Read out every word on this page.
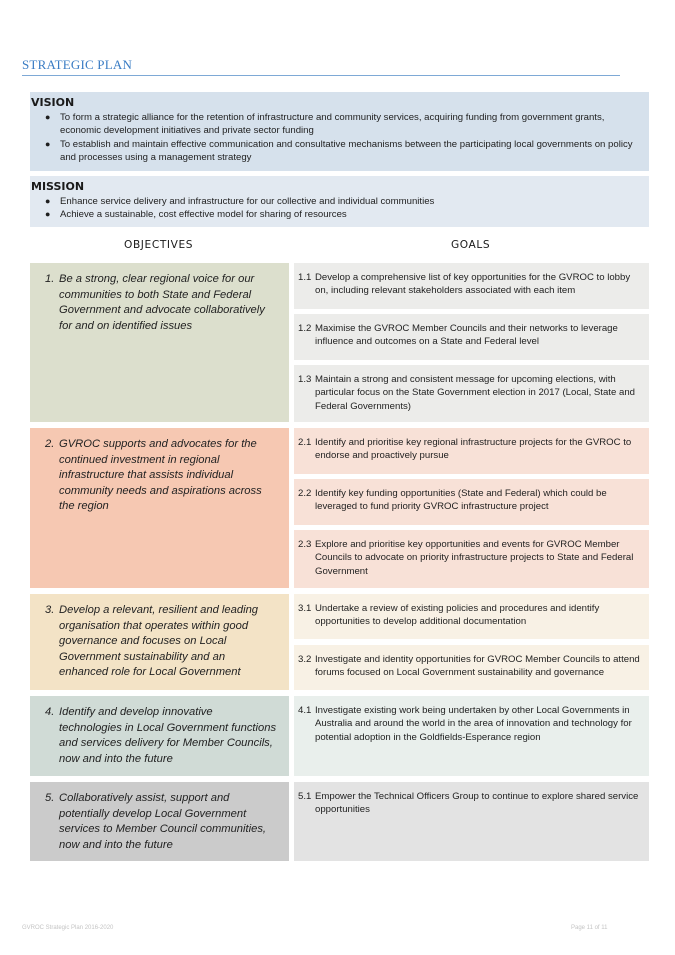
STRATEGIC PLAN
VISION
● To form a strategic alliance for the retention of infrastructure and community services, acquiring funding from government grants, economic development initiatives and private sector funding
● To establish and maintain effective communication and consultative mechanisms between the participating local governments on policy and processes using a management strategy
MISSION
● Enhance service delivery and infrastructure for our collective and individual communities
● Achieve a sustainable, cost effective model for sharing of resources
OBJECTIVES	GOALS
1. Be a strong, clear regional voice for our communities to both State and Federal Government and advocate collaboratively for and on identified issues
1.1 Develop a comprehensive list of key opportunities for the GVROC to lobby on, including relevant stakeholders associated with each item
1.2 Maximise the GVROC Member Councils and their networks to leverage influence and outcomes on a State and Federal level
1.3 Maintain a strong and consistent message for upcoming elections, with particular focus on the State Government election in 2017 (Local, State and Federal Governments)
2. GVROC supports and advocates for the continued investment in regional infrastructure that assists individual community needs and aspirations across the region
2.1 Identify and prioritise key regional infrastructure projects for the GVROC to endorse and proactively pursue
2.2 Identify key funding opportunities (State and Federal) which could be leveraged to fund priority GVROC infrastructure project
2.3 Explore and prioritise key opportunities and events for GVROC Member Councils to advocate on priority infrastructure projects to State and Federal Government
3. Develop a relevant, resilient and leading organisation that operates within good governance and focuses on Local Government sustainability and an enhanced role for Local Government
3.1 Undertake a review of existing policies and procedures and identify opportunities to develop additional documentation
3.2 Investigate and identity opportunities for GVROC Member Councils to attend forums focused on Local Government sustainability and governance
4. Identify and develop innovative technologies in Local Government functions and services delivery for Member Councils, now and into the future
4.1 Investigate existing work being undertaken by other Local Governments in Australia and around the world in the area of innovation and technology for potential adoption in the Goldfields-Esperance region
5. Collaboratively assist, support and potentially develop Local Government services to Member Council communities, now and into the future
5.1 Empower the Technical Officers Group to continue to explore shared service opportunities
GVROC Strategic Plan 2016-2020	Page 11 of 11
